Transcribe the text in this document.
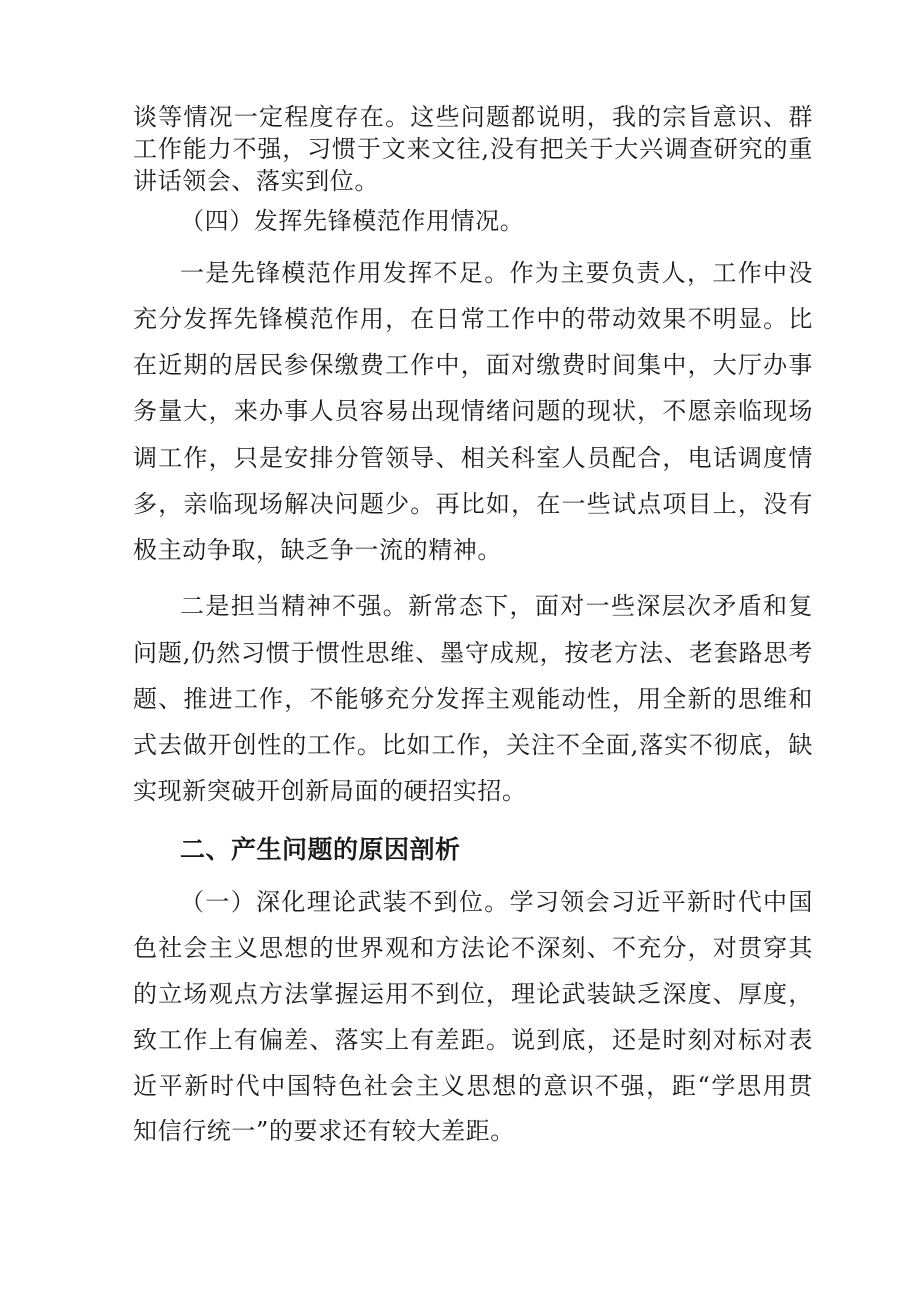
谈等情况一定程度存在。这些问题都说明，我的宗旨意识、群
工作能力不强，习惯于文来文往,没有把关于大兴调查研究的重
讲话领会、落实到位。
（四）发挥先锋模范作用情况。
一是先锋模范作用发挥不足。作为主要负责人，工作中没
充分发挥先锋模范作用，在日常工作中的带动效果不明显。比
在近期的居民参保缴费工作中，面对缴费时间集中，大厅办事
务量大，来办事人员容易出现情绪问题的现状，不愿亲临现场
调工作，只是安排分管领导、相关科室人员配合，电话调度情
多，亲临现场解决问题少。再比如，在一些试点项目上，没有
极主动争取，缺乏争一流的精神。
二是担当精神不强。新常态下，面对一些深层次矛盾和复
问题,仍然习惯于惯性思维、墨守成规，按老方法、老套路思考
题、推进工作，不能够充分发挥主观能动性，用全新的思维和
式去做开创性的工作。比如工作，关注不全面,落实不彻底，缺
实现新突破开创新局面的硬招实招。
二、产生问题的原因剖析
（一）深化理论武装不到位。学习领会习近平新时代中国
色社会主义思想的世界观和方法论不深刻、不充分，对贯穿其
的立场观点方法掌握运用不到位，理论武装缺乏深度、厚度，
致工作上有偏差、落实上有差距。说到底，还是时刻对标对表
近平新时代中国特色社会主义思想的意识不强，距“学思用贯
知信行统一”的要求还有较大差距。
